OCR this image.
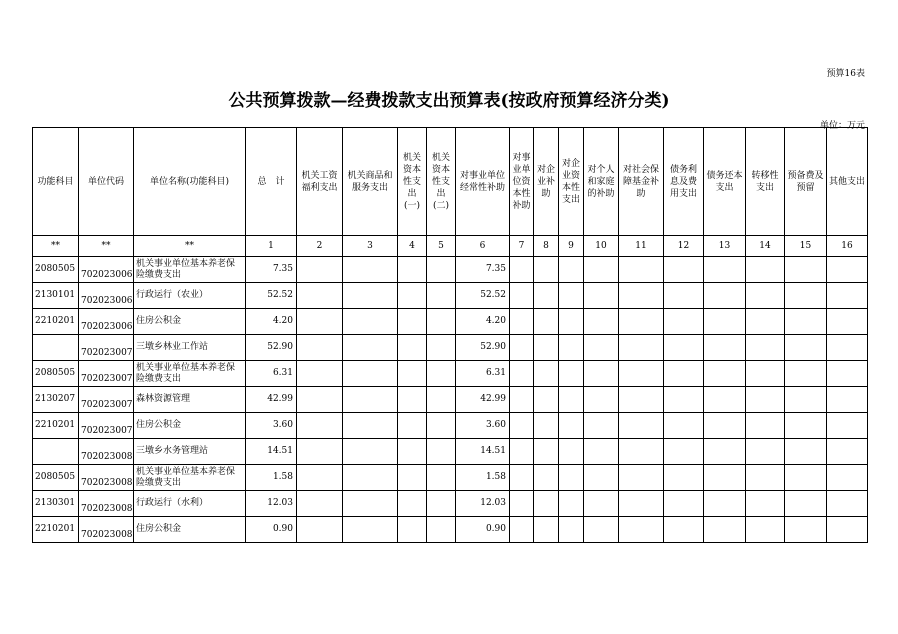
预算16表
公共预算拨款—经费拨款支出预算表(按政府预算经济分类)
单位：万元
功能科目	单位代码	单位名称(功能科目)	总　计	机关工资福利支出	机关商品和服务支出	机关资本性支出(一)	机关资本性支出(二)	对事业单位经常性补助	对事业单位资本性补助	对企业补助	对企业资本性支出	对个人和家庭的补助	对社会保障基金补助	债务利息及费用支出	债务还本支出	转移性支出	预备费及预留	其他支出
**	**	**	1	2	3	4	5	6	7	8	9	10	11	12	13	14	15	16
2080505	702023006	机关事业单位基本养老保险缴费支出	7.35					7.35										
2130101	702023006	行政运行（农业）	52.52					52.52										
2210201	702023006	住房公积金	4.20					4.20										
	702023007	三墩乡林业工作站	52.90					52.90										
2080505	702023007	机关事业单位基本养老保险缴费支出	6.31					6.31										
2130207	702023007	森林资源管理	42.99					42.99										
2210201	702023007	住房公积金	3.60					3.60										
	702023008	三墩乡水务管理站	14.51					14.51										
2080505	702023008	机关事业单位基本养老保险缴费支出	1.58					1.58										
2130301	702023008	行政运行（水利）	12.03					12.03										
2210201	702023008	住房公积金	0.90					0.90										
